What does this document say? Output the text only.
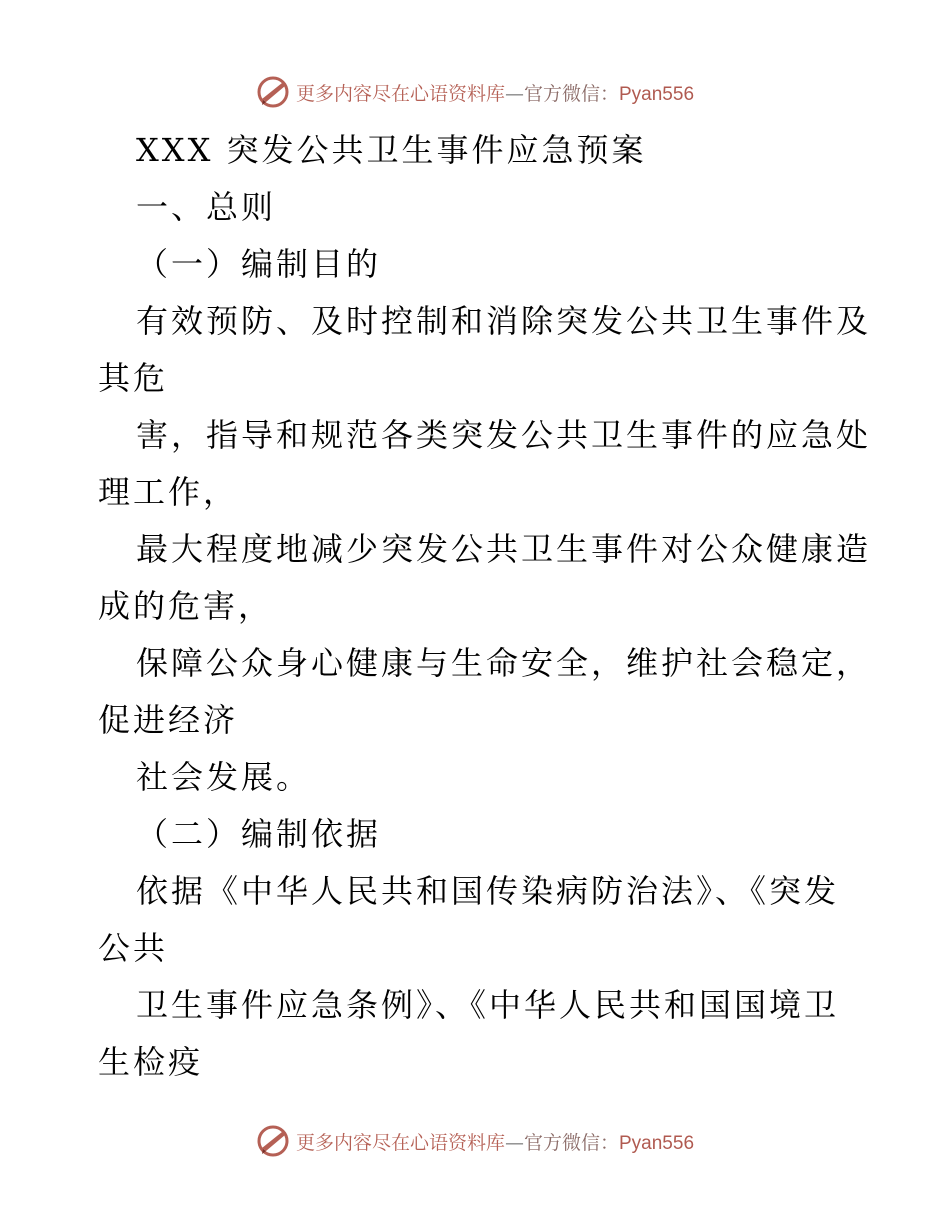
更多内容尽在心语资料库—官方微信：Pyan556
XXX 突发公共卫生事件应急预案
一、总则
（一）编制目的
有效预防、及时控制和消除突发公共卫生事件及
其危
害，指导和规范各类突发公共卫生事件的应急处
理工作，
最大程度地减少突发公共卫生事件对公众健康造
成的危害，
保障公众身心健康与生命安全，维护社会稳定，
促进经济
社会发展。
（二）编制依据
依据《中华人民共和国传染病防治法》、《突发
公共
卫生事件应急条例》、《中华人民共和国国境卫
生检疫
更多内容尽在心语资料库—官方微信：Pyan556
